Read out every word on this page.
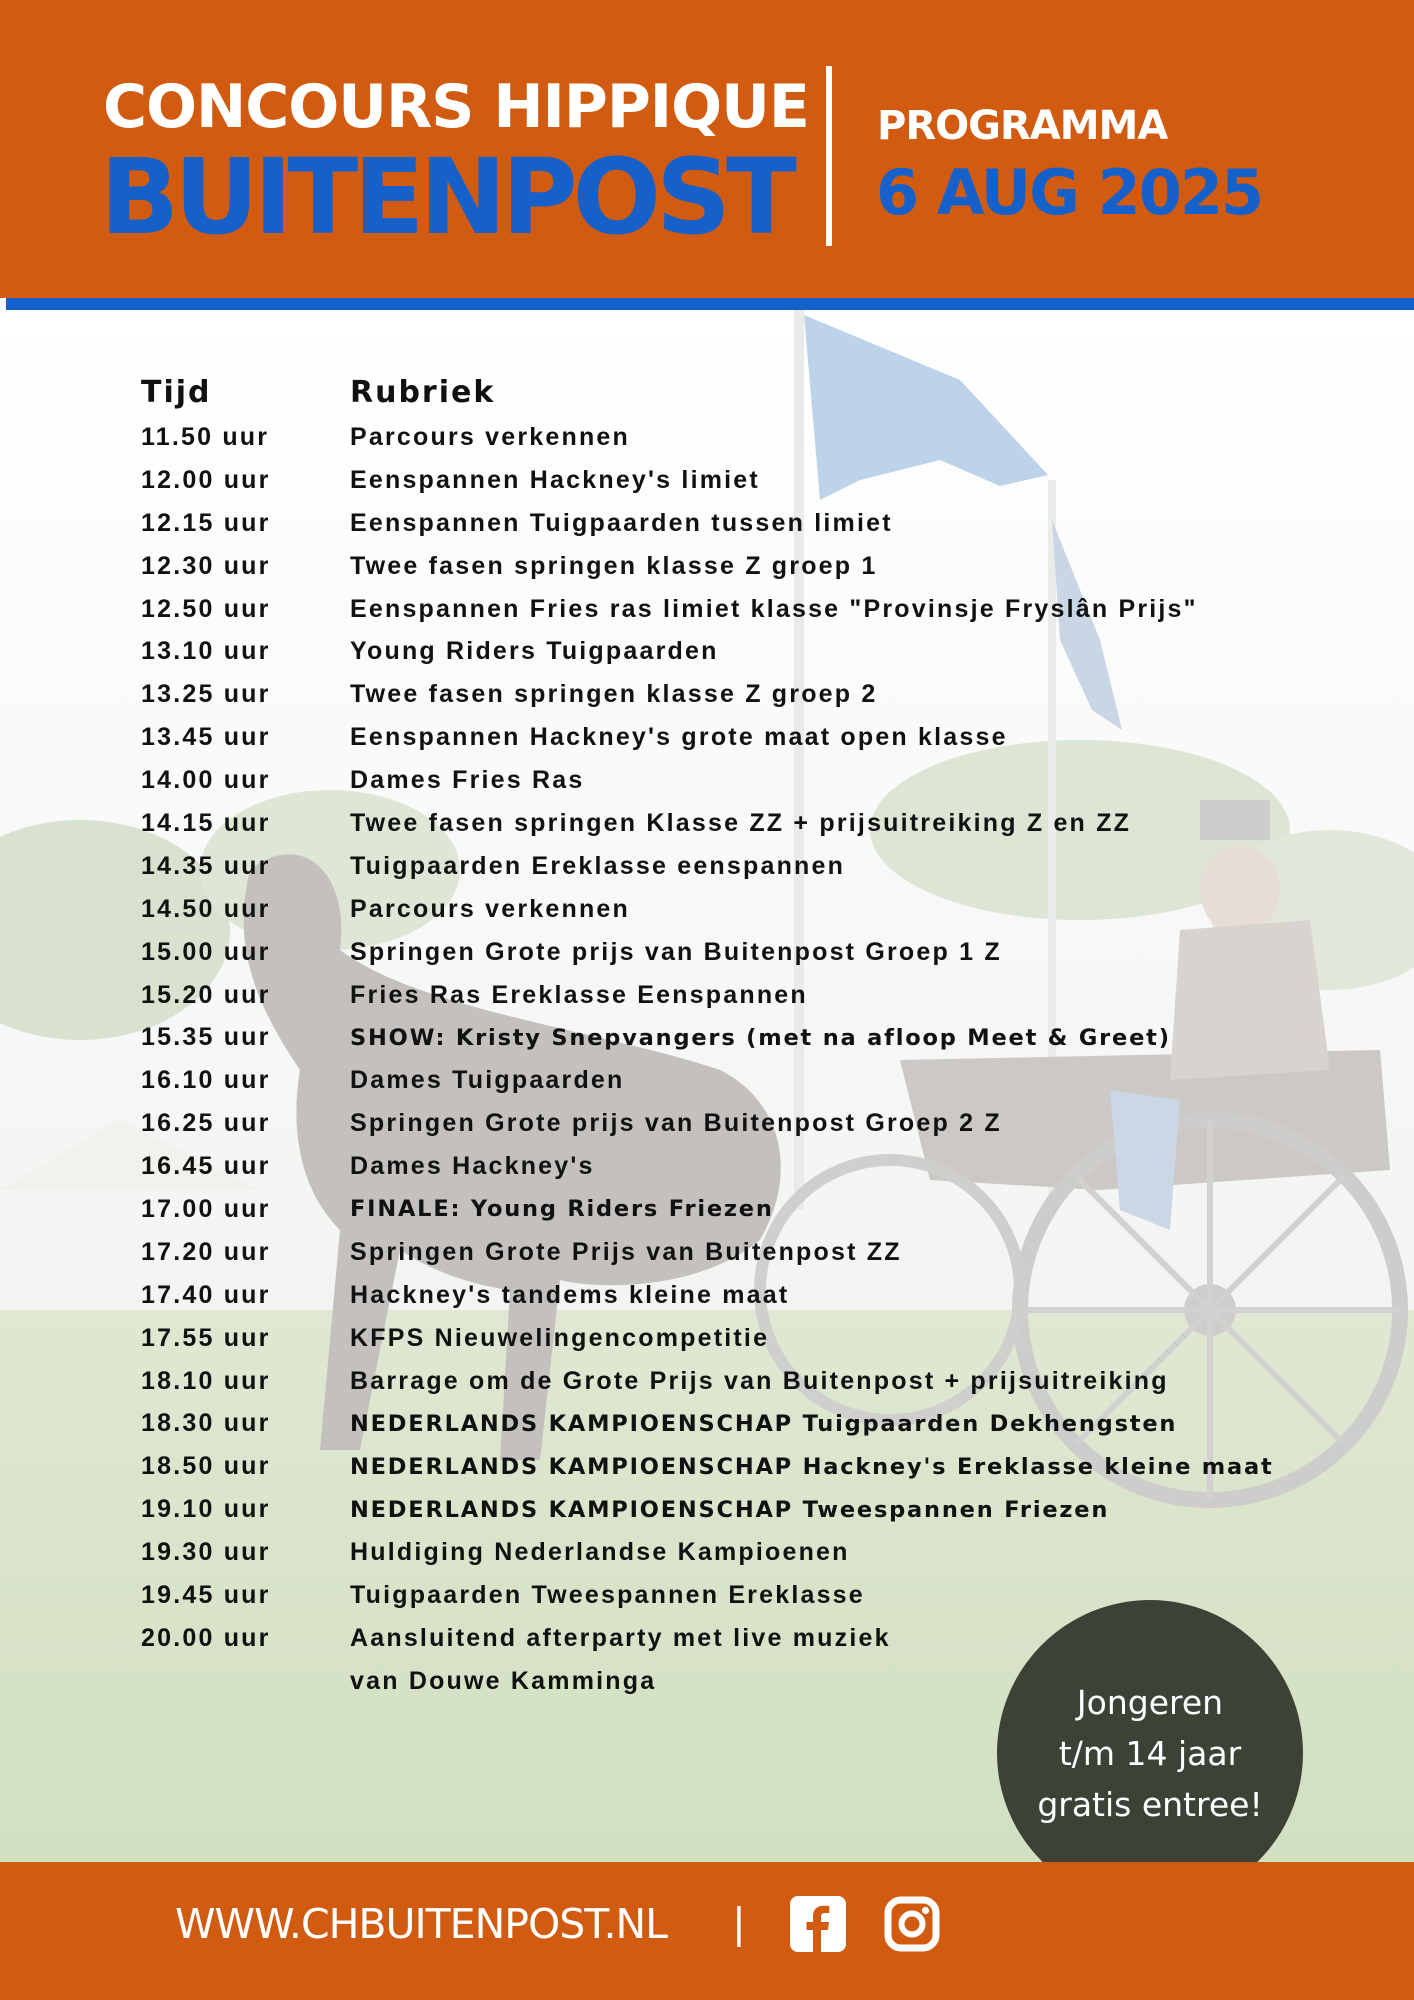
CONCOURS HIPPIQUE
BUITENPOST
PROGRAMMA
6 AUG 2025
Tijd	Rubriek
11.50 uur	Parcours verkennen
12.00 uur	Eenspannen Hackney's limiet
12.15 uur	Eenspannen Tuigpaarden tussen limiet
12.30 uur	Twee fasen springen klasse Z groep 1
12.50 uur	Eenspannen Fries ras limiet klasse "Provinsje Fryslân Prijs"
13.10 uur	Young Riders Tuigpaarden
13.25 uur	Twee fasen springen klasse Z groep 2
13.45 uur	Eenspannen Hackney's grote maat open klasse
14.00 uur	Dames Fries Ras
14.15 uur	Twee fasen springen Klasse ZZ + prijsuitreiking Z en ZZ
14.35 uur	Tuigpaarden Ereklasse eenspannen
14.50 uur	Parcours verkennen
15.00 uur	Springen Grote prijs van Buitenpost Groep 1 Z
15.20 uur	Fries Ras Ereklasse Eenspannen
15.35 uur	SHOW: Kristy Snepvangers (met na afloop Meet & Greet)
16.10 uur	Dames Tuigpaarden
16.25 uur	Springen Grote prijs van Buitenpost Groep 2 Z
16.45 uur	Dames Hackney's
17.00 uur	FINALE: Young Riders Friezen
17.20 uur	Springen Grote Prijs van Buitenpost ZZ
17.40 uur	Hackney's tandems kleine maat
17.55 uur	KFPS Nieuwelingencompetitie
18.10 uur	Barrage om de Grote Prijs van Buitenpost + prijsuitreiking
18.30 uur	NEDERLANDS KAMPIOENSCHAP Tuigpaarden Dekhengsten
18.50 uur	NEDERLANDS KAMPIOENSCHAP Hackney's Ereklasse kleine maat
19.10 uur	NEDERLANDS KAMPIOENSCHAP Tweespannen Friezen
19.30 uur	Huldiging Nederlandse Kampioenen
19.45 uur	Tuigpaarden Tweespannen Ereklasse
20.00 uur	Aansluitend afterparty met live muziek
van Douwe Kamminga
Jongeren
t/m 14 jaar
gratis entree!
WWW.CHBUITENPOST.NL |
